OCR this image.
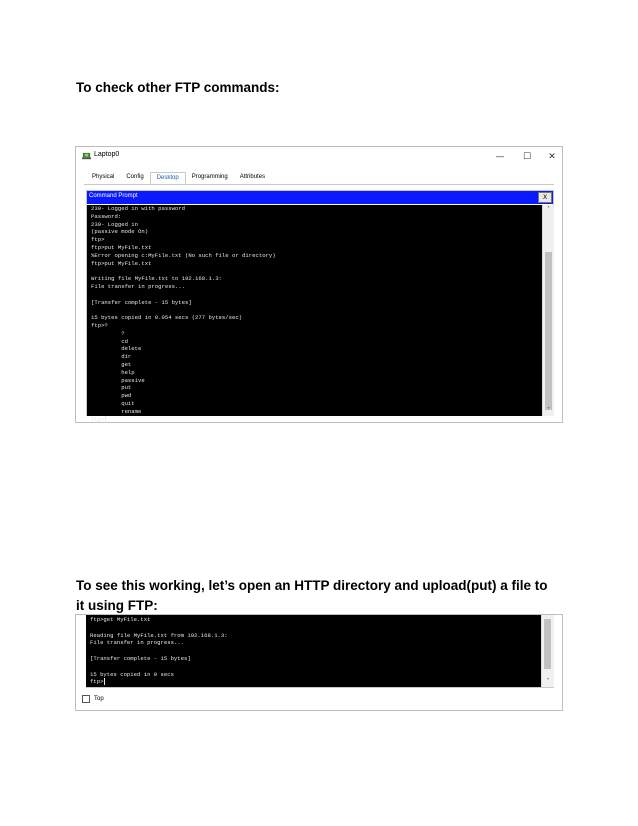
To check other FTP commands:
Laptop0	—	☐	✕
Physical	Config	Desktop	Programming	Attributes
Command Prompt	X
230- Logged in with password
Password:
230- Logged in
(passive mode On)
ftp>
ftp>put MyFile.txt
%Error opening c:MyFile.txt (No such file or directory)
ftp>put MyFile.txt
Writing file MyFile.txt to 192.168.1.3:
File transfer in progress...
[Transfer complete - 15 bytes]
15 bytes copied in 0.054 secs (277 bytes/sec)
ftp>?
?
cd
delete
dir
get
help
passive
put
pwd
quit
rename
ftp>
˄
˅
To see this working, let’s open an HTTP directory and upload(put) a file to it using FTP:
ftp>get MyFile.txt
Reading file MyFile.txt from 192.168.1.3:
File transfer in progress...
[Transfer complete - 15 bytes]
15 bytes copied in 0 secs
ftp>	˅
Top
